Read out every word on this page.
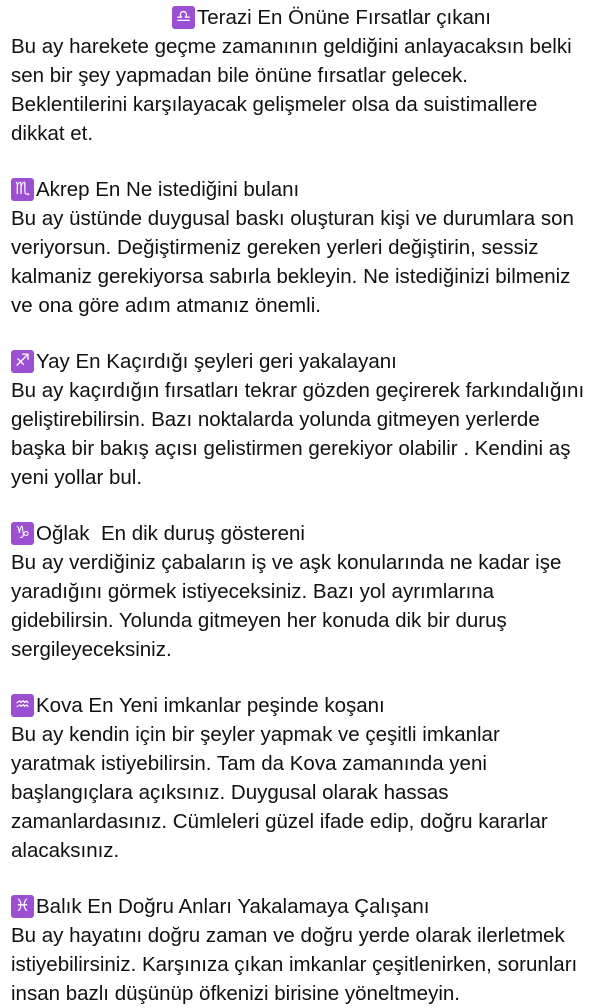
♎ Terazi En Önüne Fırsatlar çıkanı
Bu ay harekete geçme zamanının geldiğini anlayacaksın belki
sen bir şey yapmadan bile önüne fırsatlar gelecek.
Beklentilerini karşılayacak gelişmeler olsa da suistimallere
dikkat et.
♏ Akrep En Ne istediğini bulanı
Bu ay üstünde duygusal baskı oluşturan kişi ve durumlara son
veriyorsun. Değiştirmeniz gereken yerleri değiştirin, sessiz
kalmaniz gerekiyorsa sabırla bekleyin. Ne istediğinizi bilmeniz
ve ona göre adım atmanız önemli.
♐ Yay En Kaçırdığı şeyleri geri yakalayanı
Bu ay kaçırdığın fırsatları tekrar gözden geçirerek farkındalığını
geliştirebilirsin. Bazı noktalarda yolunda gitmeyen yerlerde
başka bir bakış açısı gelistirmen gerekiyor olabilir . Kendini aş
yeni yollar bul.
♑ Oğlak  En dik duruş göstereni
Bu ay verdiğiniz çabaların iş ve aşk konularında ne kadar işe
yaradığını görmek istiyeceksiniz. Bazı yol ayrımlarına
gidebilirsin. Yolunda gitmeyen her konuda dik bir duruş
sergileyeceksiniz.
♒ Kova En Yeni imkanlar peşinde koşanı
Bu ay kendin için bir şeyler yapmak ve çeşitli imkanlar
yaratmak istiyebilirsin. Tam da Kova zamanında yeni
başlangıçlara açıksınız. Duygusal olarak hassas
zamanlardasınız. Cümleleri güzel ifade edip, doğru kararlar
alacaksınız.
♓ Balık En Doğru Anları Yakalamaya Çalışanı
Bu ay hayatını doğru zaman ve doğru yerde olarak ilerletmek
istiyebilirsiniz. Karşınıza çıkan imkanlar çeşitlenirken, sorunları
insan bazlı düşünüp öfkenizi birisine yöneltmeyin.
